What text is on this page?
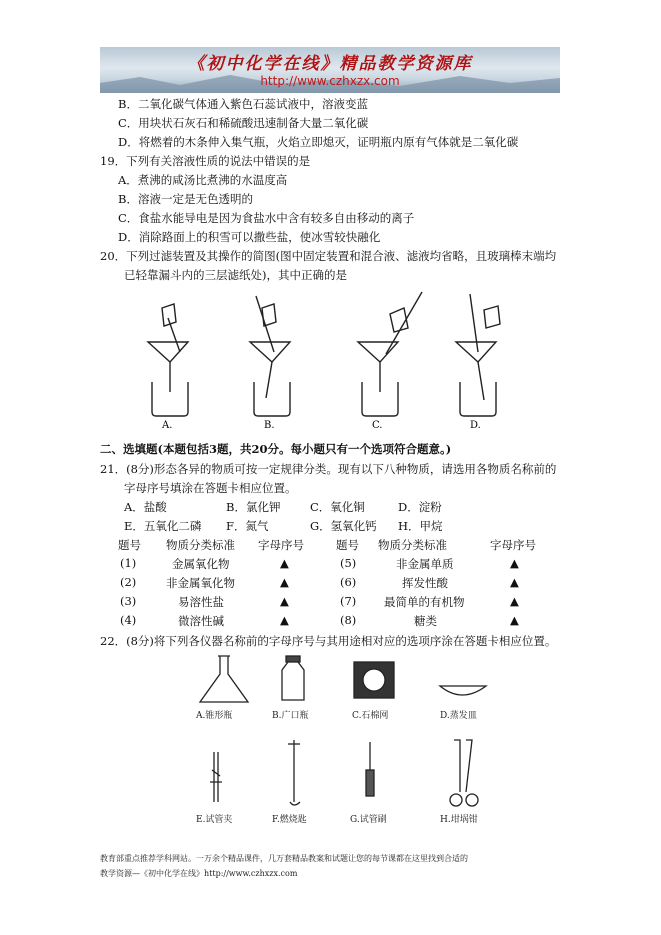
《初中化学在线》精品教学资源库
http://www.czhxzx.com
B．二氧化碳气体通入紫色石蕊试液中，溶液变蓝
C．用块状石灰石和稀硫酸迅速制备大量二氧化碳
D．将燃着的木条伸入集气瓶，火焰立即熄灭，证明瓶内原有气体就是二氧化碳
19．下列有关溶液性质的说法中错误的是
A．煮沸的咸汤比煮沸的水温度高
B．溶液一定是无色透明的
C．食盐水能导电是因为食盐水中含有较多自由移动的离子
D．消除路面上的积雪可以撒些盐，使冰雪较快融化
20．下列过滤装置及其操作的简图(图中固定装置和混合液、滤液均省略，且玻璃棒末端均
已轻靠漏斗内的三层滤纸处)，其中正确的是
A.	B.	C.	D.
二、选填题(本题包括3题，共20分。每小题只有一个选项符合题意。)
21．(8分)形态各异的物质可按一定规律分类。现有以下八种物质，请选用各物质名称前的
字母序号填涂在答题卡相应位置。
A．盐酸	B．氯化钾	C．氧化铜	D．淀粉
E．五氧化二磷 F．氮气	G．氢氧化钙 H．甲烷
题号 物质分类标准 字母序号	题号 物质分类标准	字母序号
(1)	金属氧化物	▲	(5)	非金属单质	▲
(2)	非金属氧化物	▲	(6)	挥发性酸	▲
(3)	易溶性盐	▲	(7) 最简单的有机物	▲
(4)	微溶性碱	▲	(8)	糖类	▲
22．(8分)将下列各仪器名称前的字母序号与其用途相对应的选项序涂在答题卡相应位置。
A.锥形瓶	B.广口瓶	C.石棉网	D.蒸发皿
E.试管夹	F.燃烧匙	G.试管刷	H.坩埚钳
教育部重点推荐学科网站。一万余个精品课件，几万套精品教案和试题让您的每节课都在这里找到合适的
教学资源—《初中化学在线》http://www.czhxzx.com
